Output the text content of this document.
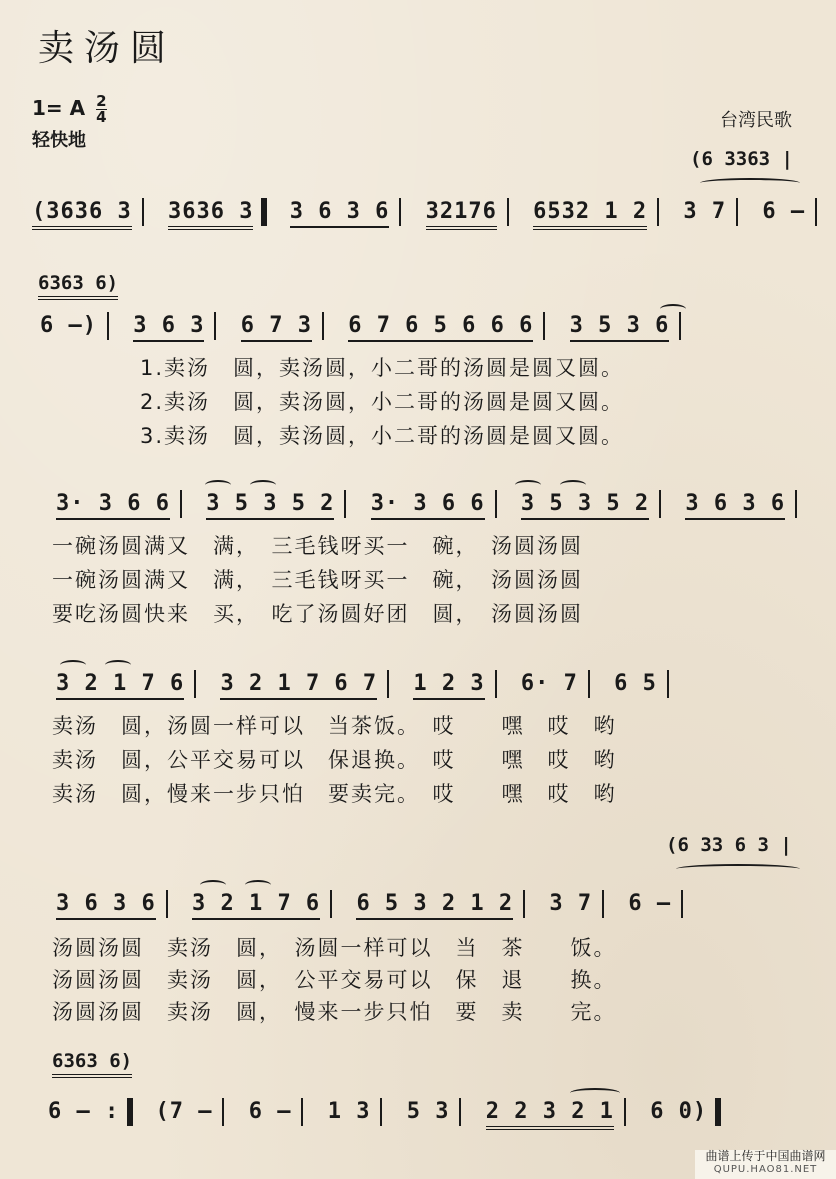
卖汤圆
1= A $\frac{2}{4}$
轻快地
台湾民歌
(6 3363 |
(3636 3 3636 3 3 6 3 6 32176 6532 1 2 3 7 6 –
6363 6)
6 –) 3 6 3 6 7 3 6 7 6 5 6 6 6 3 5 3 6
1.卖汤　圆，卖汤圆，小二哥的汤圆是圆又圆。
2.卖汤　圆，卖汤圆，小二哥的汤圆是圆又圆。
3.卖汤　圆，卖汤圆，小二哥的汤圆是圆又圆。
3· 3 6 6 3 5 3 5 2 3· 3 6 6 3 5 3 5 2 3 6 3 6
一碗汤圆满又　满，　三毛钱呀买一　碗，　汤圆汤圆
一碗汤圆满又　满，　三毛钱呀买一　碗，　汤圆汤圆
要吃汤圆快来　买，　吃了汤圆好团　圆，　汤圆汤圆
3 2 1 7 6 3 2 1 7 6 7 1 2 3 6· 7 6 5
卖汤　圆，汤圆一样可以　当茶饭。　哎　　嘿　哎　哟
卖汤　圆，公平交易可以　保退换。　哎　　嘿　哎　哟
卖汤　圆，慢来一步只怕　要卖完。　哎　　嘿　哎　哟
(6 33 6 3 |
3 6 3 6 3 2 1 7 6 6 5 3 2 1 2 3 7 6 –
汤圆汤圆　卖汤　圆，　汤圆一样可以　当　茶　　饭。
汤圆汤圆　卖汤　圆，　公平交易可以　保　退　　换。
汤圆汤圆　卖汤　圆，　慢来一步只怕　要　卖　　完。
6363 6)
6 – : (7 – 6 – 1 3 5 3 2 2 3 2 1 6 0)
曲谱上传于中国曲谱网
QUPU.HAO81.NET
